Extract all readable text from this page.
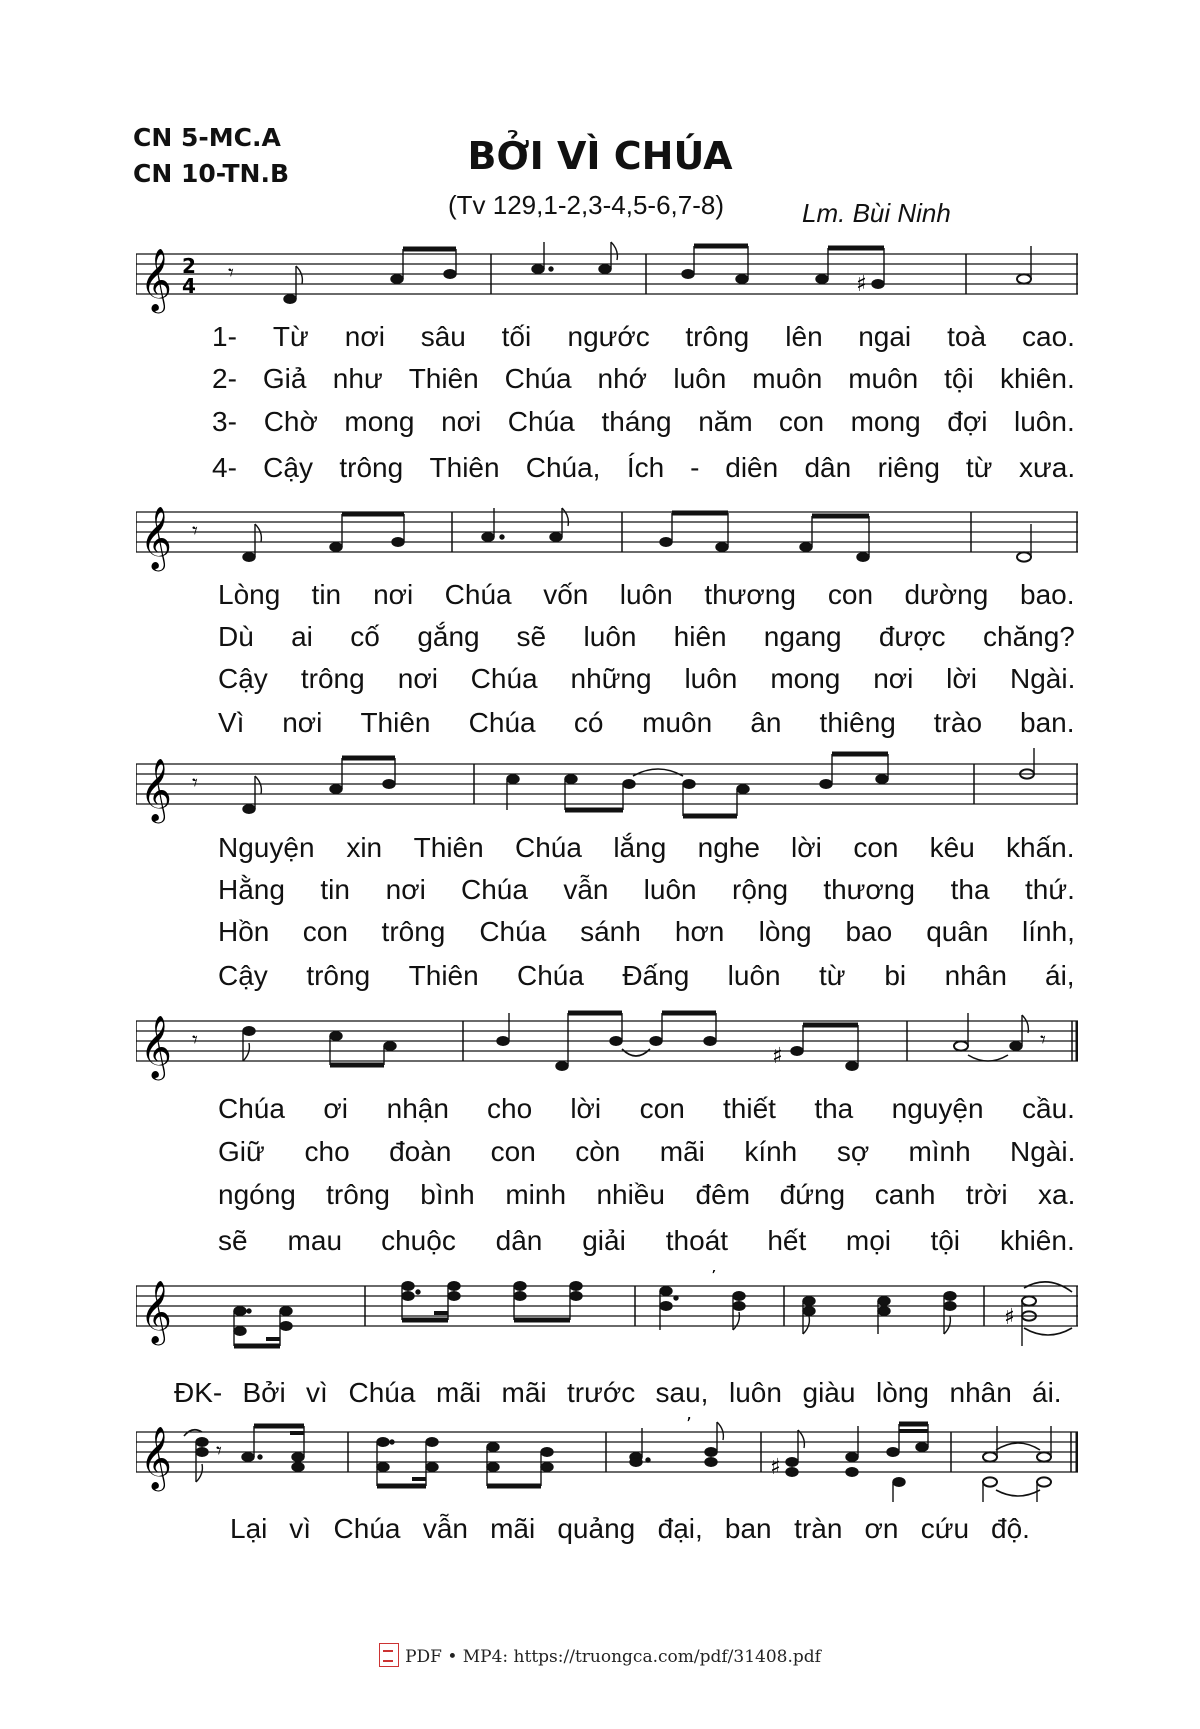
CN 5-MC.A
CN 10-TN.B	BỞI VÌ CHÚA
(Tv 129,1-2,3-4,5-6,7-8)	Lm. Bùi Ninh
𝄞 2
4 𝄾	♯

1- Từ nơi sâu tối ngước trông lên ngai toà cao.

2- Giả như Thiên Chúa nhớ luôn muôn muôn tội khiên.

3- Chờ mong nơi Chúa tháng năm con mong đợi luôn.

4- Cậy trông Thiên Chúa, Ích - diên dân riêng từ xưa.

𝄞 𝄾

Lòng tin nơi Chúa vốn luôn thương con dường bao.

Dù ai cố gắng sẽ luôn hiên ngang được chăng?

Cậy trông nơi Chúa những luôn mong nơi lời Ngài.

Vì nơi Thiên Chúa có muôn ân thiêng trào ban.

𝄞 𝄾

Nguyện xin Thiên Chúa lắng nghe lời con kêu khấn.

Hằng tin nơi Chúa vẫn luôn rộng thương tha thứ.

Hồn con trông Chúa sánh hơn lòng bao quân lính,

Cậy trông Thiên Chúa Đấng luôn từ bi nhân ái,

𝄞 𝄾
♯
𝄾

Chúa ơi nhận cho lời con thiết tha nguyện cầu.

Giữ cho đoàn con còn mãi kính sợ mình Ngài.

ngóng trông bình minh nhiều đêm đứng canh trời xa.

sẽ mau chuộc dân giải thoát hết mọi tội khiên.

𝄞
’
♯
ĐK- Bởi vì Chúa mãi mãi trước sau, luôn giàu lòng nhân ái.
𝄞
’
𝄾
♯
Lại vì Chúa vẫn mãi quảng đại, ban tràn ơn cứu độ.
PDF • MP4: https://truongca.com/pdf/31408.pdf
